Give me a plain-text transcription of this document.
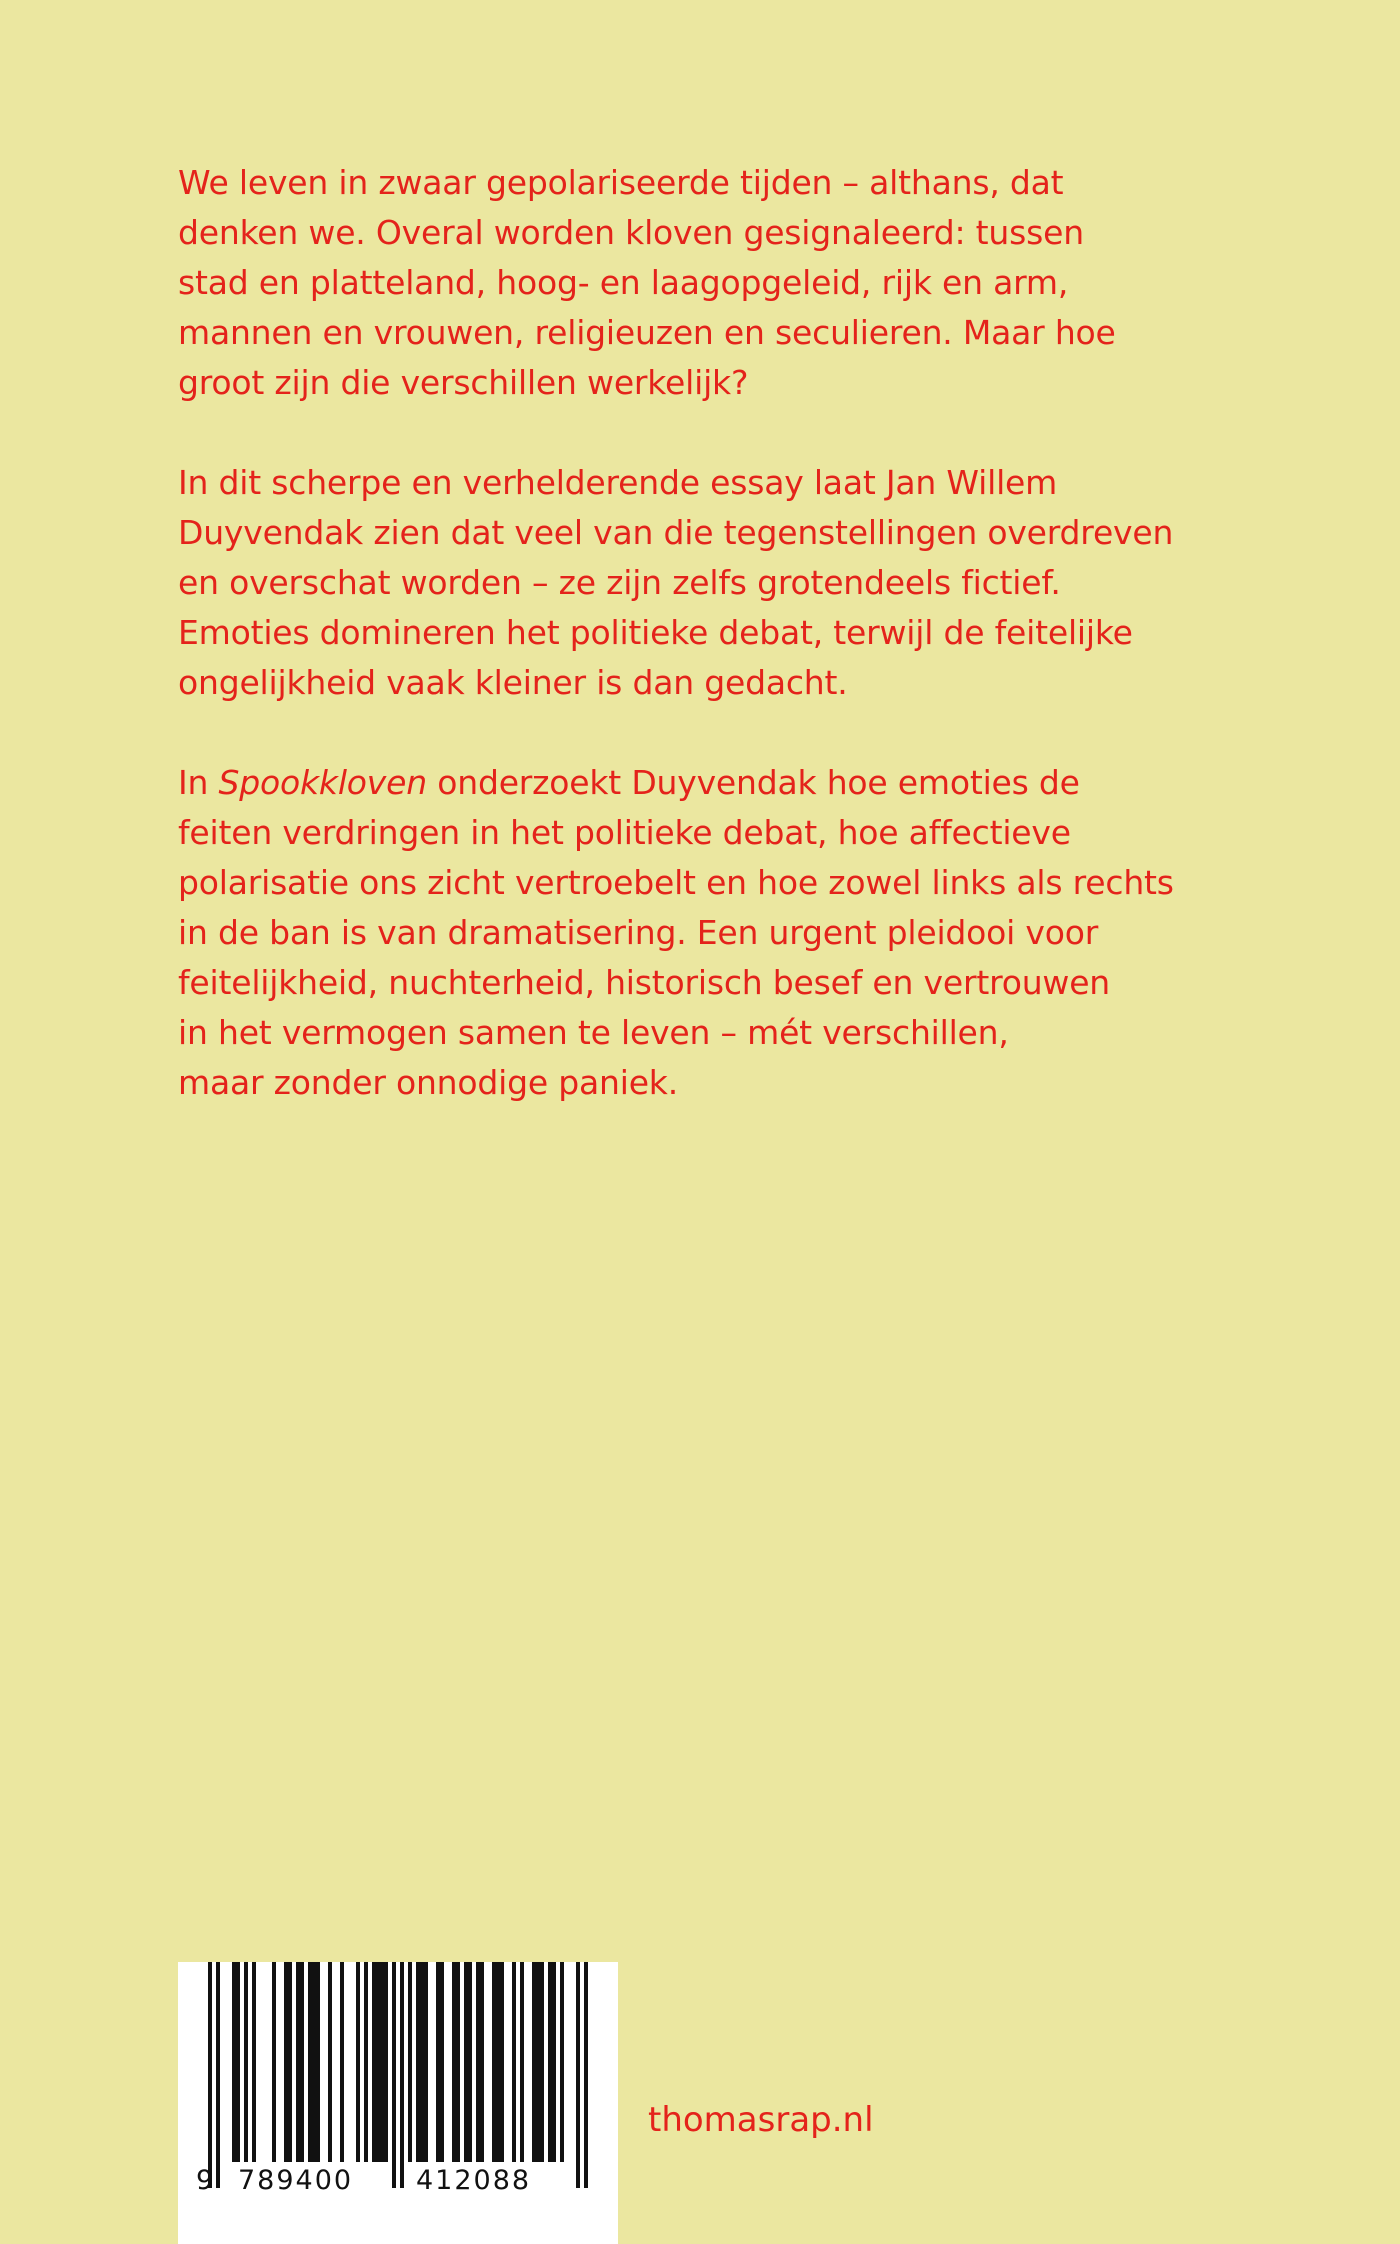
We leven in zwaar gepolariseerde tijden – althans, dat
denken we. Overal worden kloven gesignaleerd: tussen
stad en platteland, hoog- en laagopgeleid, rijk en arm,
mannen en vrouwen, religieuzen en seculieren. Maar hoe
groot zijn die verschillen werkelijk?

In dit scherpe en verhelderende essay laat Jan Willem
Duyvendak zien dat veel van die tegenstellingen overdreven
en overschat worden – ze zijn zelfs grotendeels fictief.
Emoties domineren het politieke debat, terwijl de feitelijke
ongelijkheid vaak kleiner is dan gedacht.

In Spookkloven onderzoekt Duyvendak hoe emoties de
feiten verdringen in het politieke debat, hoe affectieve
polarisatie ons zicht vertroebelt en hoe zowel links als rechts
in de ban is van dramatisering. Een urgent pleidooi voor
feitelijkheid, nuchterheid, historisch besef en vertrouwen
in het vermogen samen te leven – mét verschillen,
maar zonder onnodige paniek.

9 789400 412088
thomasrap.nl
